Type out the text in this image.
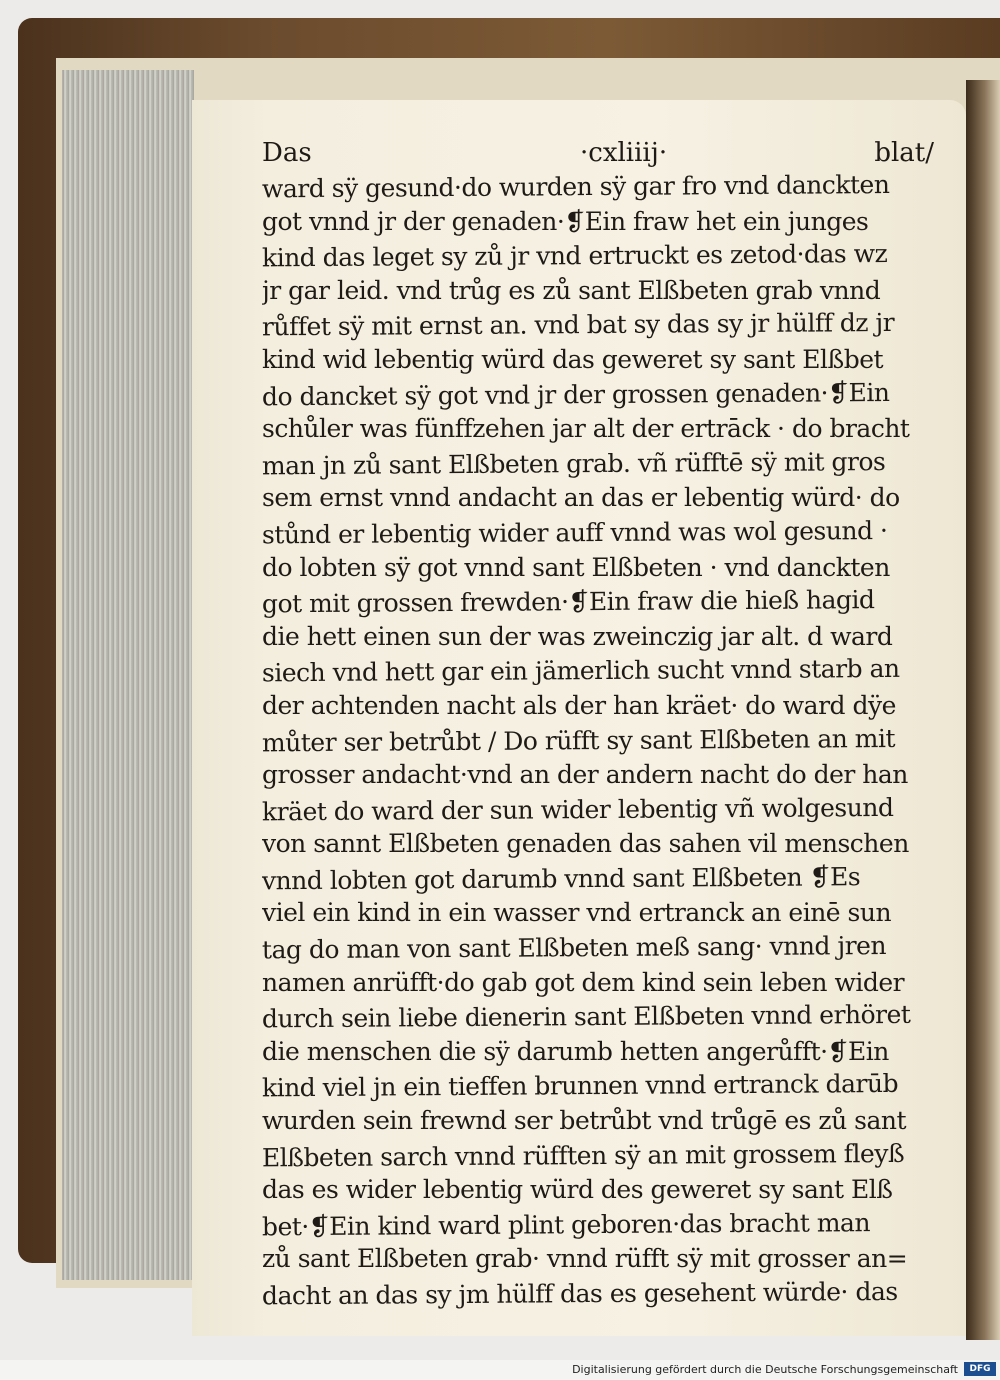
Das	·cxliiij·	blat/
ward sÿ gesund·do wurden sÿ gar fro vnd danckten
got vnnd jr der genaden·❡Ein fraw het ein junges
kind das leget sy zů jr vnd ertruckt es zetod·das wz
jr gar leid. vnd trůg es zů sant Elßbeten grab vnnd
růffet sÿ mit ernst an. vnd bat sy das sy jr hülff dz jr
kind wid lebentig würd das geweret sy sant Elßbet
do dancket sÿ got vnd jr der grossen genaden·❡Ein
schůler was fünffzehen jar alt der ertrāck · do bracht
man jn zů sant Elßbeten grab. vñ rüfftē sÿ mit gros
sem ernst vnnd andacht an das er lebentig würd· do
stůnd er lebentig wider auff vnnd was wol gesund ·
do lobten sÿ got vnnd sant Elßbeten · vnd danckten
got mit grossen frewden·❡Ein fraw die hieß hagid
die hett einen sun der was zweinczig jar alt. d ward
siech vnd hett gar ein jämerlich sucht vnnd starb an
der achtenden nacht als der han kräet· do ward dÿe
můter ser betrůbt / Do rüfft sy sant Elßbeten an mit
grosser andacht·vnd an der andern nacht do der han
kräet do ward der sun wider lebentig vñ wolgesund
von sannt Elßbeten genaden das sahen vil menschen
vnnd lobten got darumb vnnd sant Elßbeten ❡Es
viel ein kind in ein wasser vnd ertranck an einē sun
tag do man von sant Elßbeten meß sang· vnnd jren
namen anrüfft·do gab got dem kind sein leben wider
durch sein liebe dienerin sant Elßbeten vnnd erhöret
die menschen die sÿ darumb hetten angerůfft·❡Ein
kind viel jn ein tieffen brunnen vnnd ertranck darūb
wurden sein frewnd ser betrůbt vnd trůgē es zů sant
Elßbeten sarch vnnd rüfften sÿ an mit grossem fleyß
das es wider lebentig würd des geweret sy sant Elß
bet·❡Ein kind ward plint geboren·das bracht man
zů sant Elßbeten grab· vnnd rüfft sÿ mit grosser an=
dacht an das sy jm hülff das es gesehent würde· das
Digitalisierung gefördert durch die Deutsche Forschungsgemeinschaft	DFG
